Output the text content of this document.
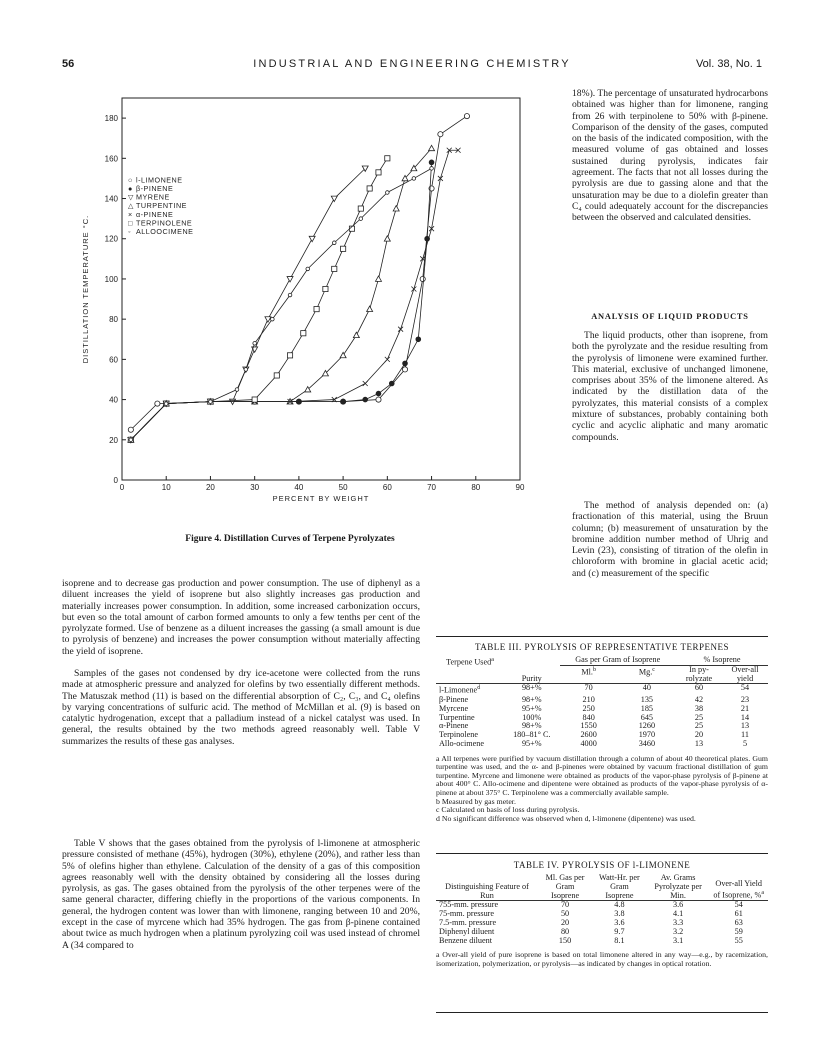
56	INDUSTRIAL AND ENGINEERING CHEMISTRY	Vol. 38, No. 1
0	10	20	30	40	50	60	70	80	90
0
20
40
60
80
100
120
140
160
180
PERCENT BY WEIGHT
DISTILLATION TEMPERATURE °C.
○ l-LIMONENE
● β-PINENE
▽ MYRENE
△ TURPENTINE
× α-PINENE
□ TERPINOLENE
◦ ALLOOCIMENE
Figure 4. Distillation Curves of Terpene Pyrolyzates

18%). The percentage of unsaturated hydrocarbons obtained was higher than for limonene, ranging from 26 with terpinolene to 50% with β-pinene. Comparison of the density of the gases, computed on the basis of the indicated composition, with the measured volume of gas obtained and losses sustained during pyrolysis, indicates fair agreement. The facts that not all losses during the pyrolysis are due to gassing alone and that the unsaturation may be due to a diolefin greater than C₄ could adequately account for the discrepancies between the observed and calculated densities.

ANALYSIS OF LIQUID PRODUCTS

The liquid products, other than isoprene, from both the pyrolyzate and the residue resulting from the pyrolysis of limonene were examined further. This material, exclusive of unchanged limonene, comprises about 35% of the limonene altered. As indicated by the distillation data of the pyrolyzates, this material consists of a complex mixture of substances, probably containing both cyclic and acyclic aliphatic and many aromatic compounds.

The method of analysis depended on: (a) fractionation of this material, using the Bruun column; (b) measurement of unsaturation by the bromine addition number method of Uhrig and Levin (23), consisting of titration of the olefin in chloroform with bromine in glacial acetic acid; and (c) measurement of the specific

isoprene and to decrease gas production and power consumption. The use of diphenyl as a diluent increases the yield of isoprene but also slightly increases gas production and materially increases power consumption. In addition, some increased carbonization occurs, but even so the total amount of carbon formed amounts to only a few tenths per cent of the pyrolyzate formed. Use of benzene as a diluent increases the gassing (a small amount is due to pyrolysis of benzene) and increases the power consumption without materially affecting the yield of isoprene.

Samples of the gases not condensed by dry ice-acetone were collected from the runs made at atmospheric pressure and analyzed for olefins by two essentially different methods. The Matuszak method (11) is based on the differential absorption of C₂, C₃, and C₄ olefins by varying concentrations of sulfuric acid. The method of McMillan et al. (9) is based on catalytic hydrogenation, except that a palladium instead of a nickel catalyst was used. In general, the results obtained by the two methods agreed reasonably well. Table V summarizes the results of these gas analyses.

Table V shows that the gases obtained from the pyrolysis of l-limonene at atmospheric pressure consisted of methane (45%), hydrogen (30%), ethylene (20%), and rather less than 5% of olefins higher than ethylene. Calculation of the density of a gas of this composition agrees reasonably well with the density obtained by considering all the losses during pyrolysis, as gas. The gases obtained from the pyrolysis of the other terpenes were of the same general character, differing chiefly in the proportions of the various components. In general, the hydrogen content was lower than with limonene, ranging between 10 and 20%, except in the case of myrcene which had 35% hydrogen. The gas from β-pinene contained about twice as much hydrogen when a platinum pyrolyzing coil was used instead of chromel A (34 compared to

TABLE III. PYROLYSIS OF REPRESENTATIVE TERPENES
Terpene Used$^a$	Purity	Gas per Gram of Isoprene		% Isoprene	
		Ml.$^b$	Mg.$^c$	In py- rolyzate	Over-all yield
l-Limonene$^d$	98+%	70	40	60	54
β-Pinene	98+%	210	135	42	23
Myrcene	95+%	250	185	38	21
Turpentine	100%	840	645	25	14
α-Pinene	98+%	1550	1260	25	13
Terpinolene	180–81° C.	2600	1970	20	11
Allo-ocimene	95+%	4000	3460	13	5

a All terpenes were purified by vacuum distillation through a column of about 40 theoretical plates. Gum turpentine was used, and the α- and β-pinenes were obtained by vacuum fractional distillation of gum turpentine. Myrcene and limonene were obtained as products of the vapor-phase pyrolysis of β-pinene at about 400° C. Allo-ocimene and dipentene were obtained as products of the vapor-phase pyrolysis of α-pinene at about 375° C. Terpinolene was a commercially available sample.

b Measured by gas meter.

c Calculated on basis of loss during pyrolysis.

d No significant difference was observed when d, l-limonene (dipentene) was used.

TABLE IV. PYROLYSIS OF l-LIMONENE
Distinguishing Feature of Run	Ml. Gas per Gram Isoprene	Watt-Hr. per Gram Isoprene	Av. Grams Pyrolyzate per Min.	Over-all Yield of Isoprene, %$^a$
755-mm. pressure	70	4.8	3.6	54
75-mm. pressure	50	3.8	4.1	61
7.5-mm. pressure	20	3.6	3.3	63
Diphenyl diluent	80	9.7	3.2	59
Benzene diluent	150	8.1	3.1	55

a Over-all yield of pure isoprene is based on total limonene altered in any way—e.g., by racemization, isomerization, polymerization, or pyrolysis—as indicated by changes in optical rotation.
